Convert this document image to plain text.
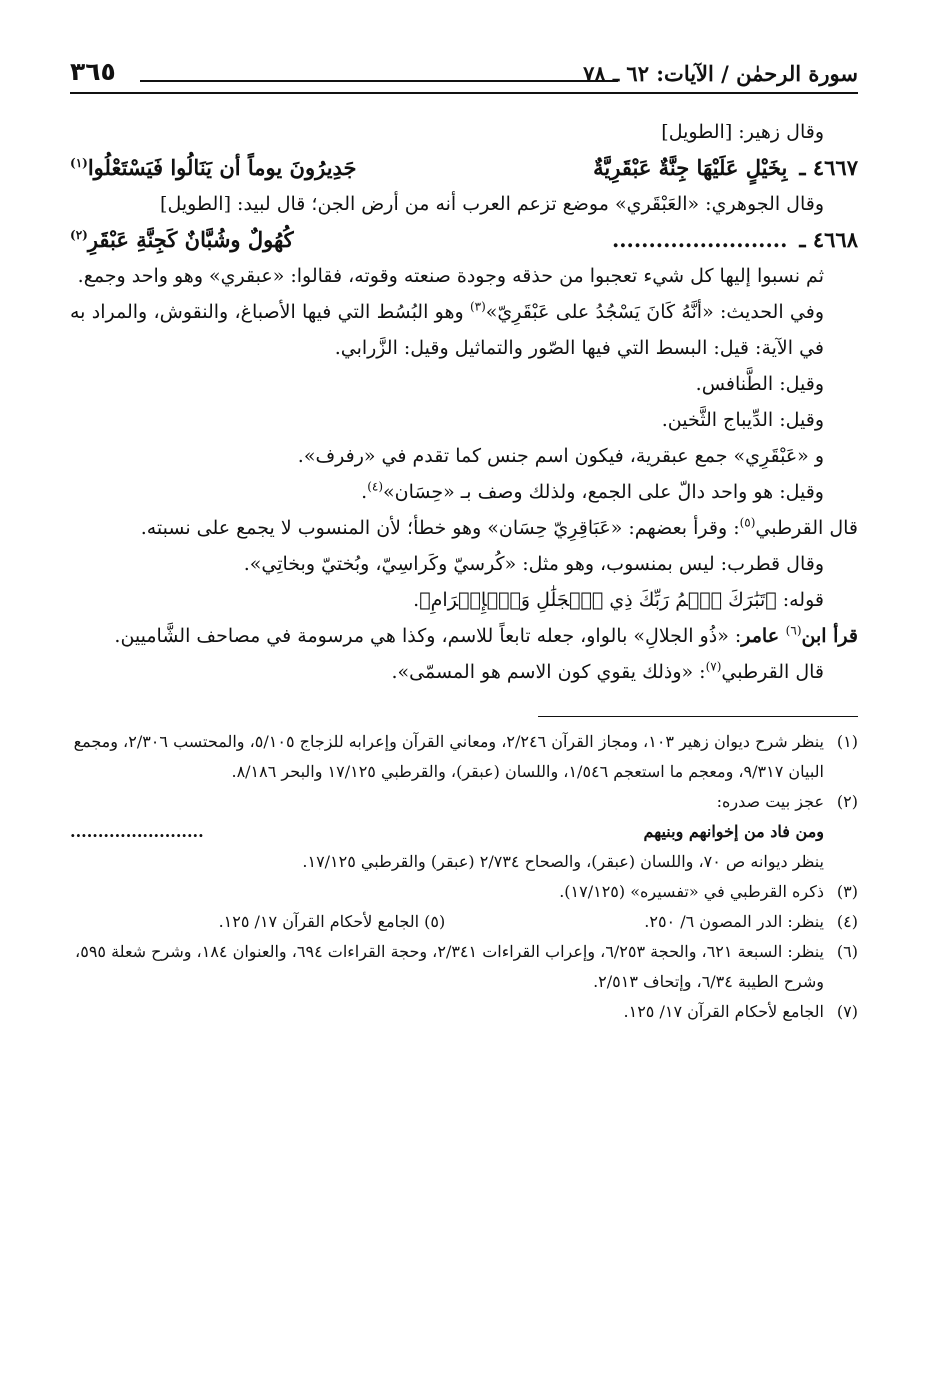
سورة الرحمٰن / الآيات: ٦٢ ـ ٧٨
٣٦٥

وقال زهير: [الطويل]

٤٦٦٧ ـ
بِخَيْلٍ عَلَيْهَا جِنَّةٌ عَبْقَرِيَّةٌ
جَدِيرُونَ يوماً أن يَنَالُوا فَيَسْتَعْلُوا$^{(١)}$

وقال الجوهري: «العَبْقَري» موضع تزعم العرب أنه من أرض الجن؛ قال لبيد: [الطويل]

٤٦٦٨ ـ
........................
كُهُولٌ وشُبَّانٌ كَجِنَّةِ عَبْقَرِ$^{(٢)}$

ثم نسبوا إليها كل شيء تعجبوا من حذقه وجودة صنعته وقوته، فقالوا: «عبقري» وهو واحد وجمع.

وفي الحديث: «أنَّهُ كَانَ يَسْجُدُ على عَبْقَرِيّ»$^{(٣)}$ وهو البُسُط التي فيها الأصباغ، والنقوش، والمراد به في الآية: قيل: البسط التي فيها الصّور والتماثيل وقيل: الزَّرابي.

وقيل: الطَّنافس.

وقيل: الدِّيباج الثَّخين.

و «عَبْقَرِي» جمع عبقرية، فيكون اسم جنس كما تقدم في «رفرف».

وقيل: هو واحد دالّ على الجمع، ولذلك وصف بـ «حِسَان»$^{(٤)}$.

قال القرطبي$^{(٥)}$: وقرأ بعضهم: «عَبَاقِرِيّ حِسَان» وهو خطأ؛ لأن المنسوب لا يجمع على نسبته.

وقال قطرب: ليس بمنسوب، وهو مثل: «كُرسيّ وكَراسِيّ، وبُختيّ وبخاتِي».

قوله: ﴿تَبَٰرَكَ ٱسۡمُ رَبِّكَ ذِي ٱلۡجَلَٰلِ وَٱلۡإِكۡرَامِ﴾.

قرأ ابن$^{(٦)}$ عامر: «ذُو الجلالِ» بالواو، جعله تابعاً للاسم، وكذا هي مرسومة في مصاحف الشَّاميين.

قال القرطبي$^{(٧)}$: «وذلك يقوي كون الاسم هو المسمّى».

(١)
ينظر شرح ديوان زهير ١٠٣، ومجاز القرآن ٢/٢٤٦، ومعاني القرآن وإعرابه للزجاج ٥/١٠٥، والمحتسب ٢/٣٠٦، ومجمع البيان ٩/٣١٧، ومعجم ما استعجم ١/٥٤٦، واللسان (عبقر)، والقرطبي ١٧/١٢٥ والبحر ٨/١٨٦.
(٢)
عجز بيت صدره:
ومن فاد من إخوانهم وبنيهم
........................
ينظر ديوانه ص ٧٠، واللسان (عبقر)، والصحاح ٢/٧٣٤ (عبقر) والقرطبي ١٧/١٢٥.
(٣)
ذكره القرطبي في «تفسيره» (١٧/١٢٥).
(٤)
ينظر: الدر المصون ٦/ ٢٥٠.
(٥) الجامع لأحكام القرآن ١٧/ ١٢٥.
(٦)
ينظر: السبعة ٦٢١، والحجة ٦/٢٥٣، وإعراب القراءات ٢/٣٤١، وحجة القراءات ٦٩٤، والعنوان ١٨٤، وشرح شعلة ٥٩٥، وشرح الطيبة ٦/٣٤، وإتحاف ٢/٥١٣.
(٧)
الجامع لأحكام القرآن ١٧/ ١٢٥.
